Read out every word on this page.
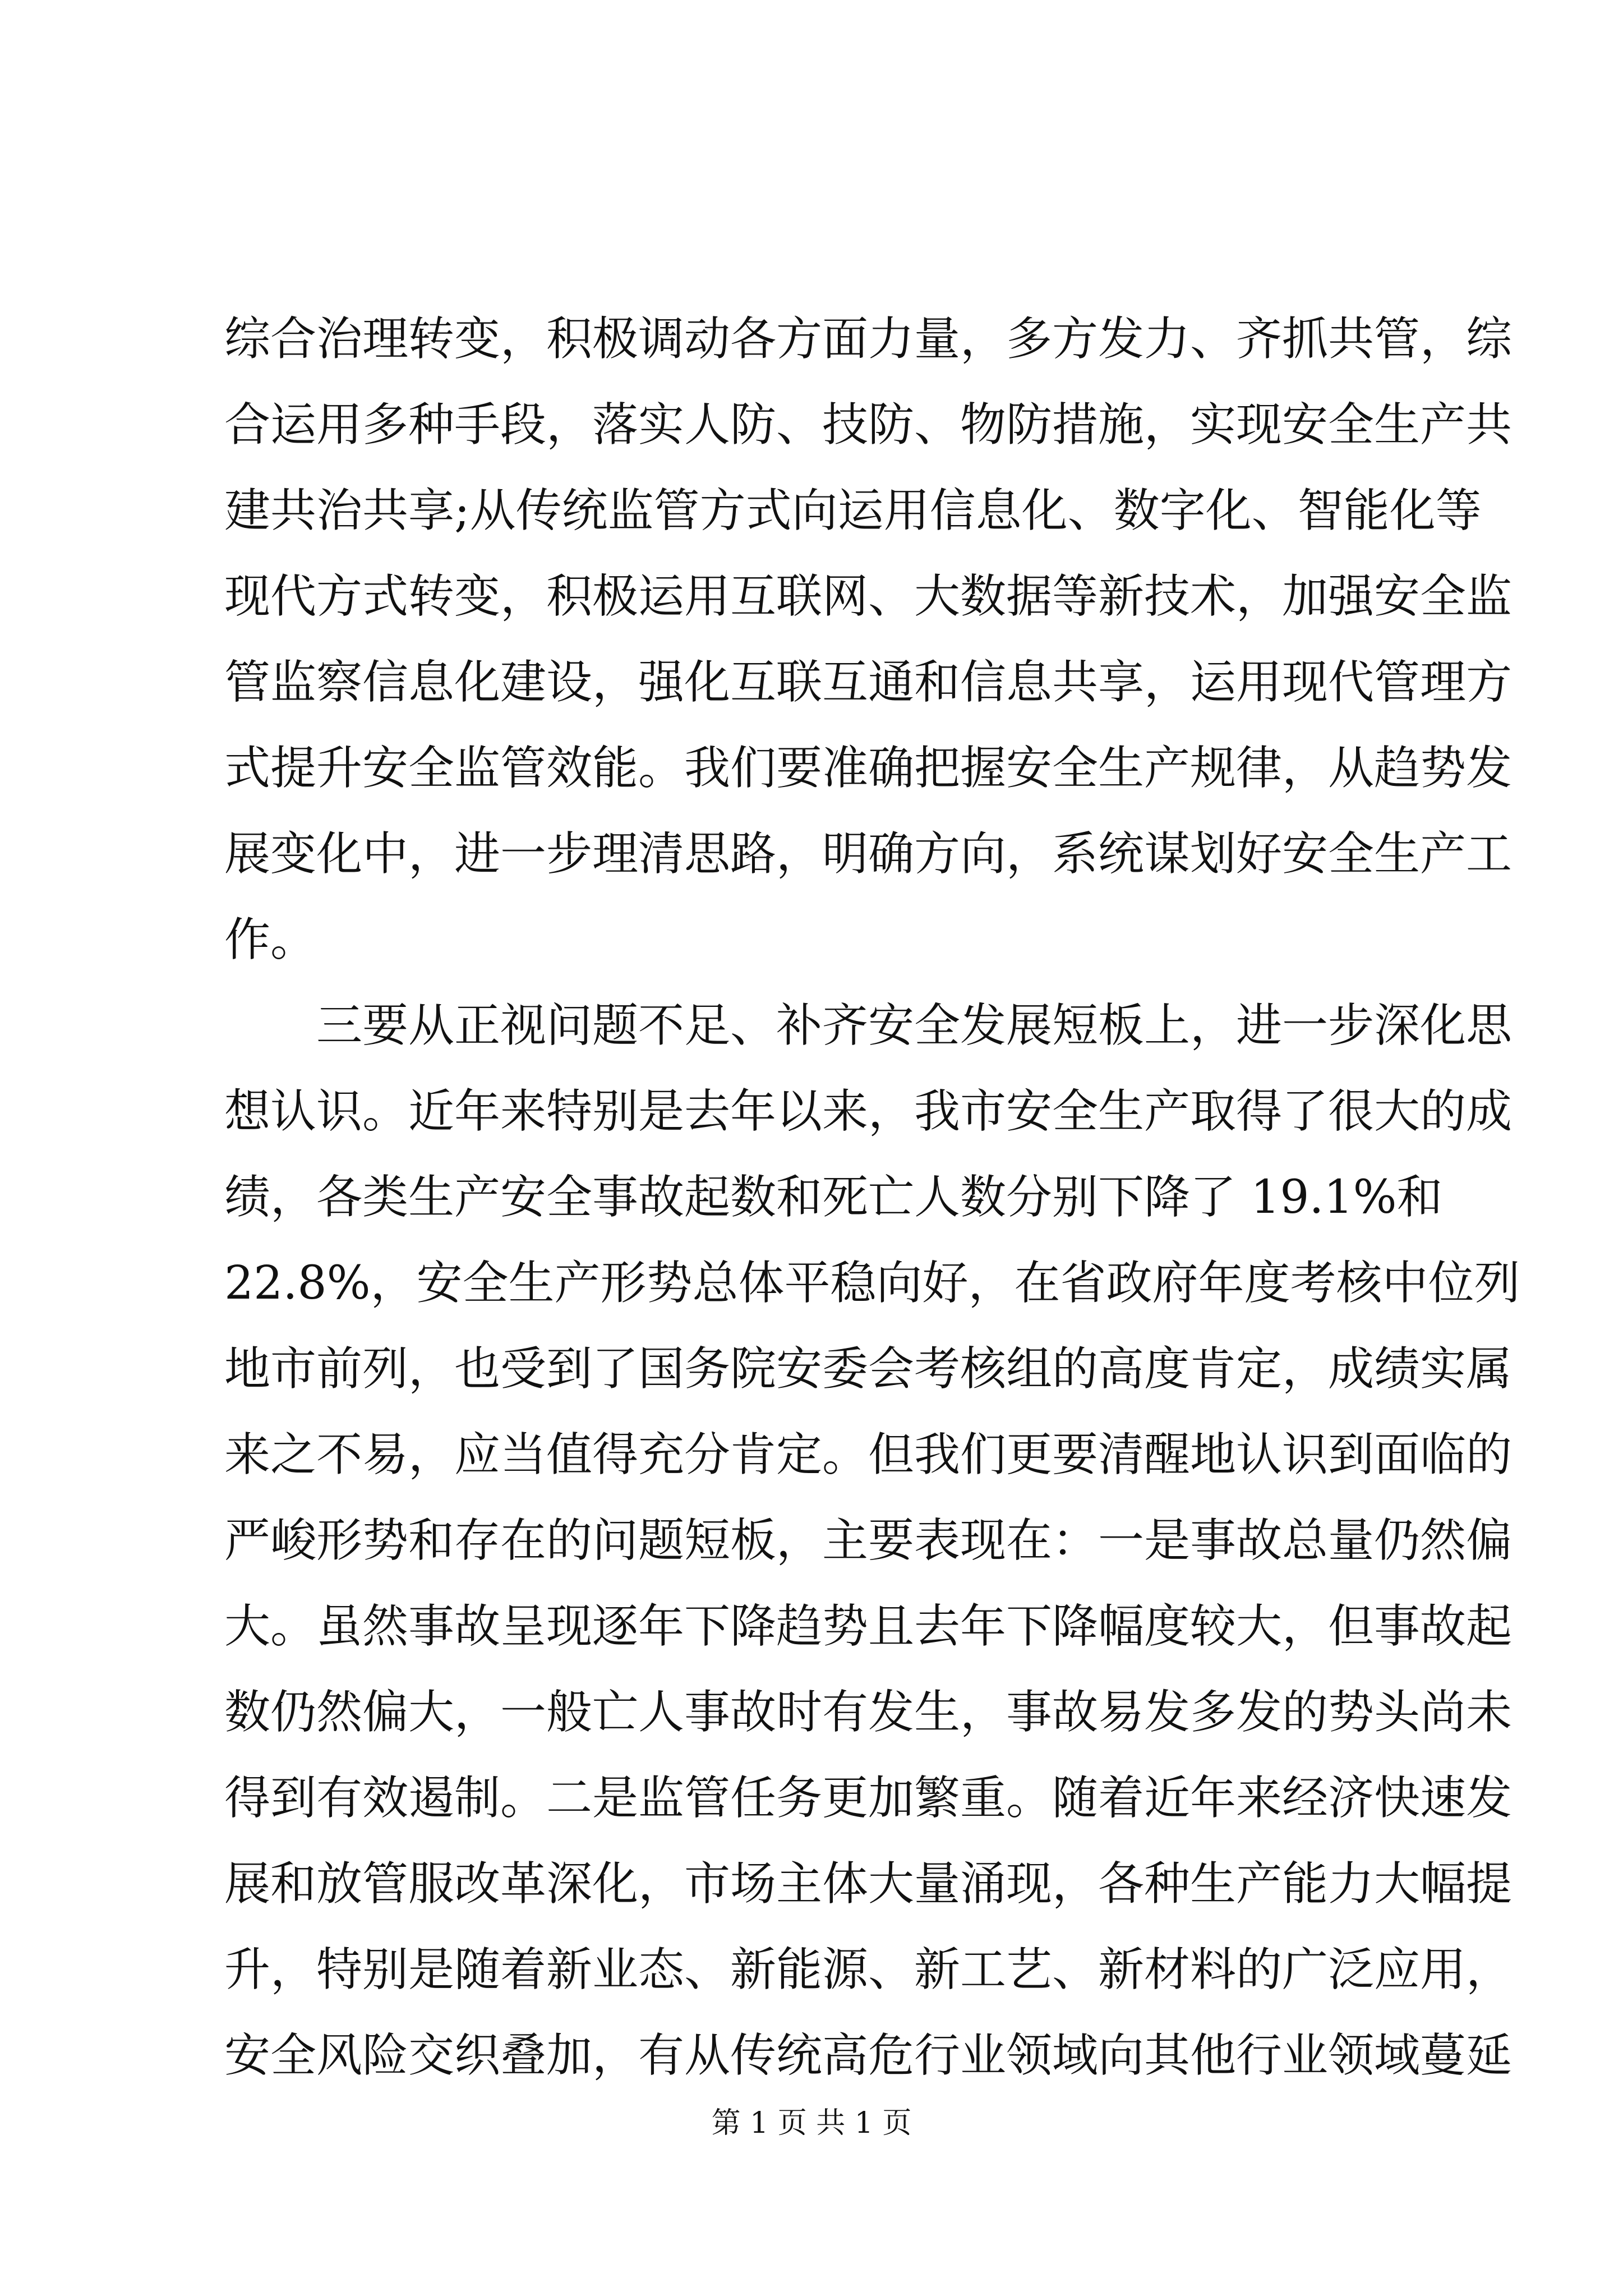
综合治理转变，积极调动各方面力量，多方发力、齐抓共管，综
合运用多种手段，落实人防、技防、物防措施，实现安全生产共
建共治共享;从传统监管方式向运用信息化、数字化、智能化等
现代方式转变，积极运用互联网、大数据等新技术，加强安全监
管监察信息化建设，强化互联互通和信息共享，运用现代管理方
式提升安全监管效能。我们要准确把握安全生产规律，从趋势发
展变化中，进一步理清思路，明确方向，系统谋划好安全生产工
作。
三要从正视问题不足、补齐安全发展短板上，进一步深化思
想认识。近年来特别是去年以来，我市安全生产取得了很大的成
绩，各类生产安全事故起数和死亡人数分别下降了 19.1%和
22.8%，安全生产形势总体平稳向好，在省政府年度考核中位列
地市前列，也受到了国务院安委会考核组的高度肯定，成绩实属
来之不易，应当值得充分肯定。但我们更要清醒地认识到面临的
严峻形势和存在的问题短板，主要表现在：一是事故总量仍然偏
大。虽然事故呈现逐年下降趋势且去年下降幅度较大，但事故起
数仍然偏大，一般亡人事故时有发生，事故易发多发的势头尚未
得到有效遏制。二是监管任务更加繁重。随着近年来经济快速发
展和放管服改革深化，市场主体大量涌现，各种生产能力大幅提
升，特别是随着新业态、新能源、新工艺、新材料的广泛应用，
安全风险交织叠加，有从传统高危行业领域向其他行业领域蔓延
第 1 页 共 1 页
